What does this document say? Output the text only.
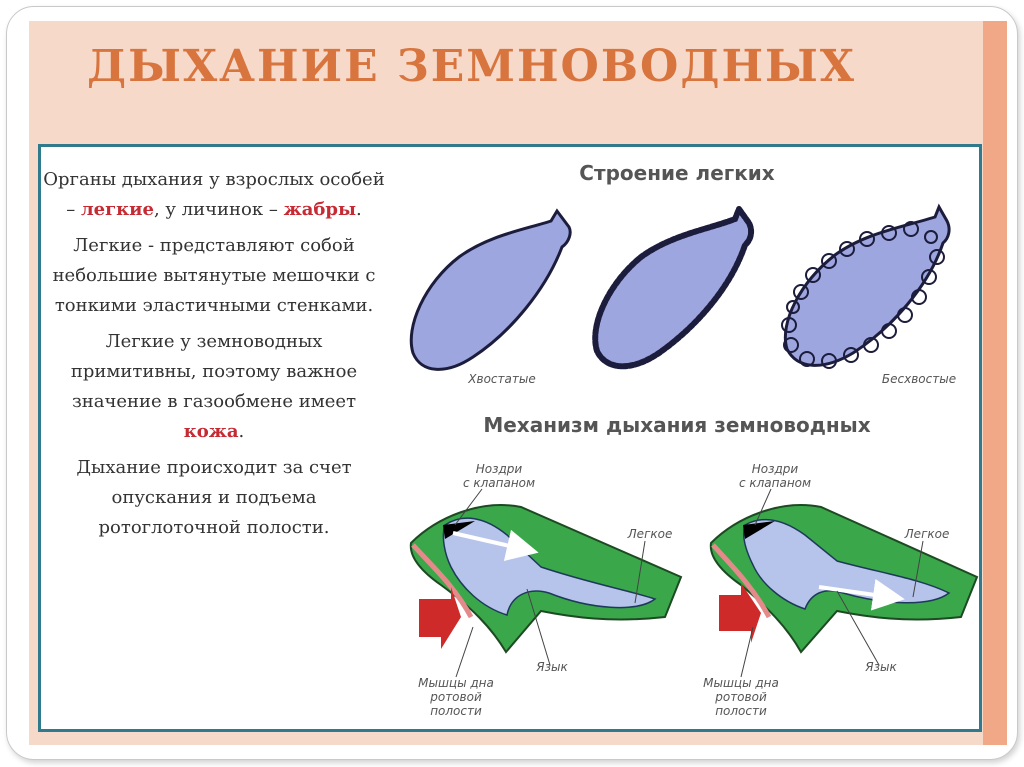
ДЫХАНИЕ ЗЕМНОВОДНЫХ

Органы дыхания у взрослых особей – легкие, у личинок – жабры.

Легкие - представляют собой небольшие вытянутые мешочки с тонкими эластичными стенками.

Легкие у земноводных примитивны, поэтому важное значение в газообмене имеет кожа.

Дыхание происходит за счет опускания и подъема ротоглоточной полости.

Строение легких
Хвостатые	Бесхвостые
Механизм дыхания земноводных
Ноздри
с клапаном
Легкое
Язык
Мышцы дна
ротовой
полости
Ноздри
с клапаном
Легкое
Язык
Мышцы дна
ротовой
полости
